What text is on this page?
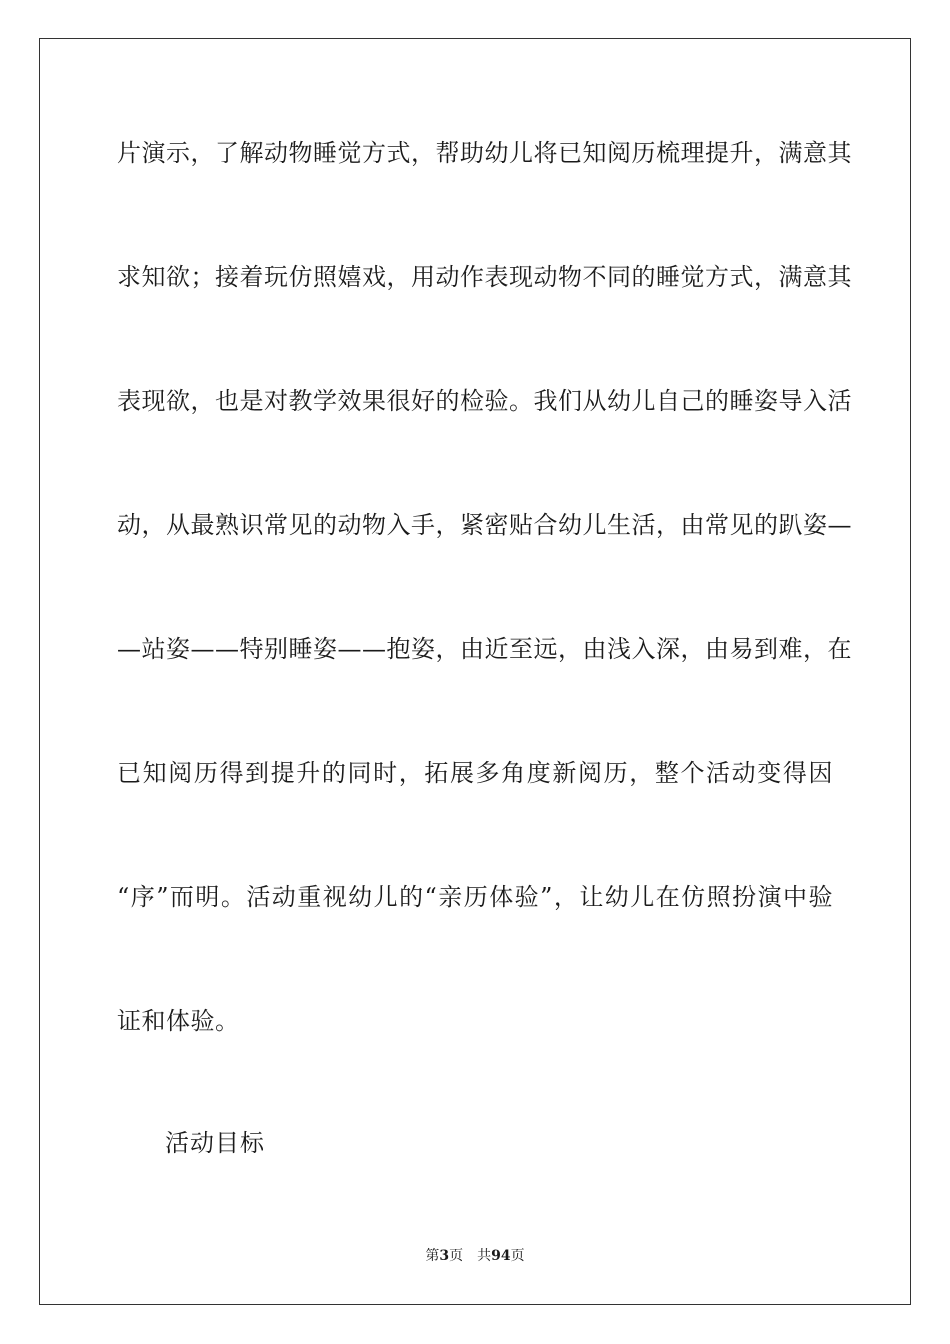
片演示，了解动物睡觉方式，帮助幼儿将已知阅历梳理提升，满意其
求知欲；接着玩仿照嬉戏，用动作表现动物不同的睡觉方式，满意其
表现欲，也是对教学效果很好的检验。我们从幼儿自己的睡姿导入活
动，从最熟识常见的动物入手，紧密贴合幼儿生活，由常见的趴姿—
—站姿——特别睡姿——抱姿，由近至远，由浅入深，由易到难，在
已知阅历得到提升的同时，拓展多角度新阅历，整个活动变得因
“序”而明。活动重视幼儿的“亲历体验”，让幼儿在仿照扮演中验
证和体验。
活动目标
第3页 共94页
